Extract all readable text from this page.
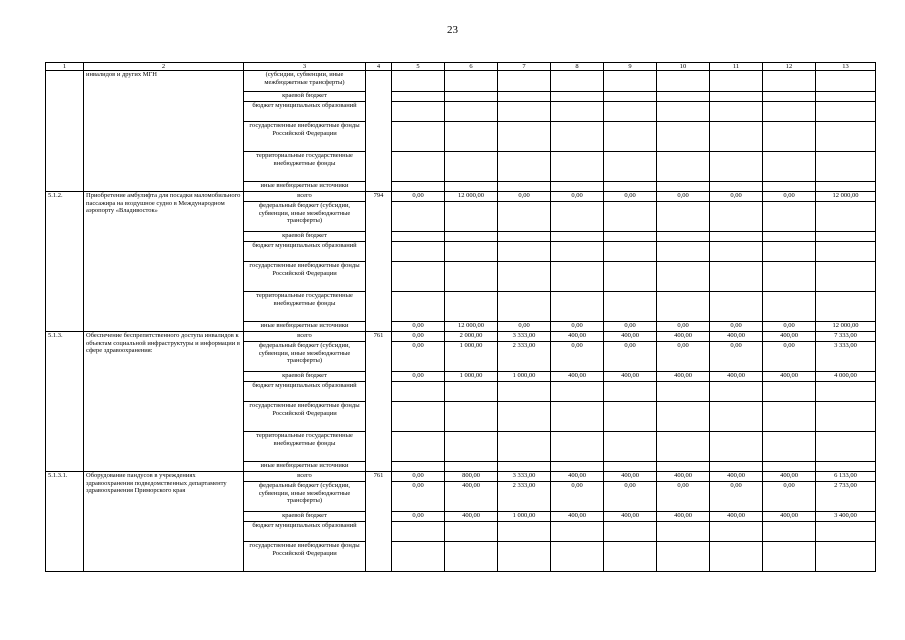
23
1	2	3	4	5	6	7	8	9	10	11	12	13
	инвалидов и других МГН	(субсидии, субвенции, иные межбюджетные трансферты)										
		краевой бюджет										
		бюджет муниципальных образований										
		государственные внебюджетные фонды Российской Федерации										
		территориальные государственные внебюджетные фонды										
		иные внебюджетные источники										
5.1.2.	Приобретение амбулифта для посадки маломобильного пассажира на воздушное судно в Международном аэропорту «Владивосток»	всего	794	0,00	12 000,00	0,00	0,00	0,00	0,00	0,00	0,00	12 000,00
		федеральный бюджет (субсидии, субвенции, иные межбюджетные трансферты)										
		краевой бюджет										
		бюджет муниципальных образований										
		государственные внебюджетные фонды Российской Федерации										
		территориальные государственные внебюджетные фонды										
		иные внебюджетные источники		0,00	12 000,00	0,00	0,00	0,00	0,00	0,00	0,00	12 000,00
5.1.3.	Обеспечение беспрепятственного доступа инвалидов к объектам социальной инфраструктуры и информации в сфере здравоохранения:	всего	761	0,00	2 000,00	3 333,00	400,00	400,00	400,00	400,00	400,00	7 333,00
		федеральный бюджет (субсидии, субвенции, иные межбюджетные трансферты)		0,00	1 000,00	2 333,00	0,00	0,00	0,00	0,00	0,00	3 333,00
		краевой бюджет		0,00	1 000,00	1 000,00	400,00	400,00	400,00	400,00	400,00	4 000,00
		бюджет муниципальных образований										
		государственные внебюджетные фонды Российской Федерации										
		территориальные государственные внебюджетные фонды										
		иные внебюджетные источники										
5.1.3.1.	Оборудование пандусов в учреждениях здравоохранения подведомственных департаменту здравоохранения Приморского края	всего	761	0,00	800,00	3 333,00	400,00	400,00	400,00	400,00	400,00	6 133,00
		федеральный бюджет (субсидии, субвенции, иные межбюджетные трансферты)		0,00	400,00	2 333,00	0,00	0,00	0,00	0,00	0,00	2 733,00
		краевой бюджет		0,00	400,00	1 000,00	400,00	400,00	400,00	400,00	400,00	3 400,00
		бюджет муниципальных образований										
		государственные внебюджетные фонды Российской Федерации										
